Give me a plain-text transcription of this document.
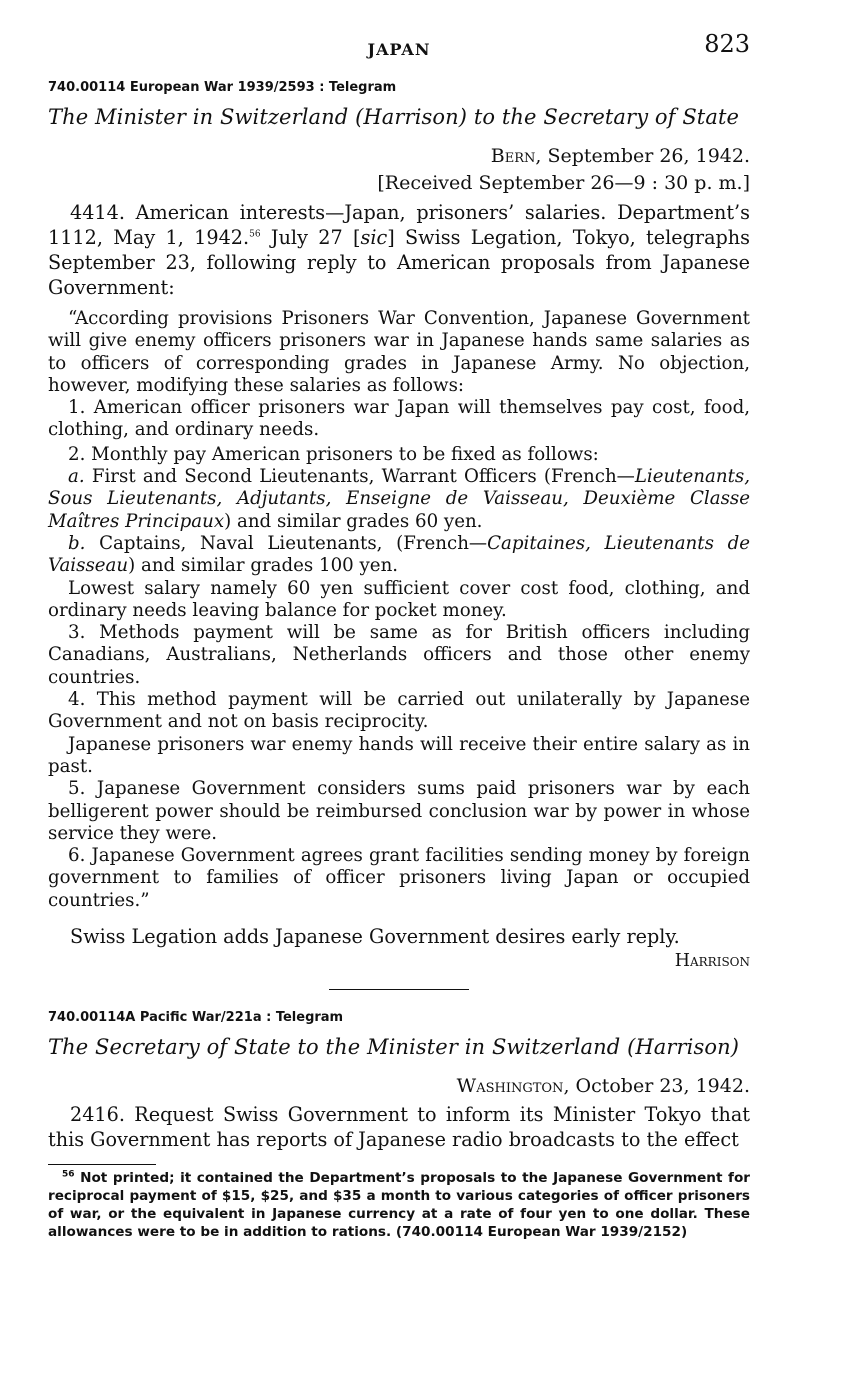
JAPAN	823
740.00114 European War 1939/2593 : Telegram
The Minister in Switzerland (Harrison) to the Secretary of State
Bern, September 26, 1942.
[Received September 26—9 : 30 p. m.]

4414. American interests—Japan, prisoners’ salaries. Department’s 1112, May 1, 1942.56 July 27 [sic] Swiss Legation, Tokyo, telegraphs September 23, following reply to American proposals from Japanese Government:

“According provisions Prisoners War Convention, Japanese Government will give enemy officers prisoners war in Japanese hands same salaries as to officers of corresponding grades in Japanese Army. No objection, however, modifying these salaries as follows:

1. American officer prisoners war Japan will themselves pay cost, food, clothing, and ordinary needs.

2. Monthly pay American prisoners to be fixed as follows:

a. First and Second Lieutenants, Warrant Officers (French—Lieutenants, Sous Lieutenants, Adjutants, Enseigne de Vaisseau, Deuxième Classe Maîtres Principaux) and similar grades 60 yen.

b. Captains, Naval Lieutenants, (French—Capitaines, Lieutenants de Vaisseau) and similar grades 100 yen.

Lowest salary namely 60 yen sufficient cover cost food, clothing, and ordinary needs leaving balance for pocket money.

3. Methods payment will be same as for British officers including Canadians, Australians, Netherlands officers and those other enemy countries.

4. This method payment will be carried out unilaterally by Japanese Government and not on basis reciprocity.

Japanese prisoners war enemy hands will receive their entire salary as in past.

5. Japanese Government considers sums paid prisoners war by each belligerent power should be reimbursed conclusion war by power in whose service they were.

6. Japanese Government agrees grant facilities sending money by foreign government to families of officer prisoners living Japan or occupied countries.”

Swiss Legation adds Japanese Government desires early reply.

Harrison
740.00114A Pacific War/221a : Telegram
The Secretary of State to the Minister in Switzerland (Harrison)
Washington, October 23, 1942.

2416. Request Swiss Government to inform its Minister Tokyo that this Government has reports of Japanese radio broadcasts to the effect

$^{56}$ Not printed; it contained the Department’s proposals to the Japanese Government for reciprocal payment of $15, $25, and $35 a month to various categories of officer prisoners of war, or the equivalent in Japanese currency at a rate of four yen to one dollar. These allowances were to be in addition to rations. (740.00114 European War 1939/2152)
